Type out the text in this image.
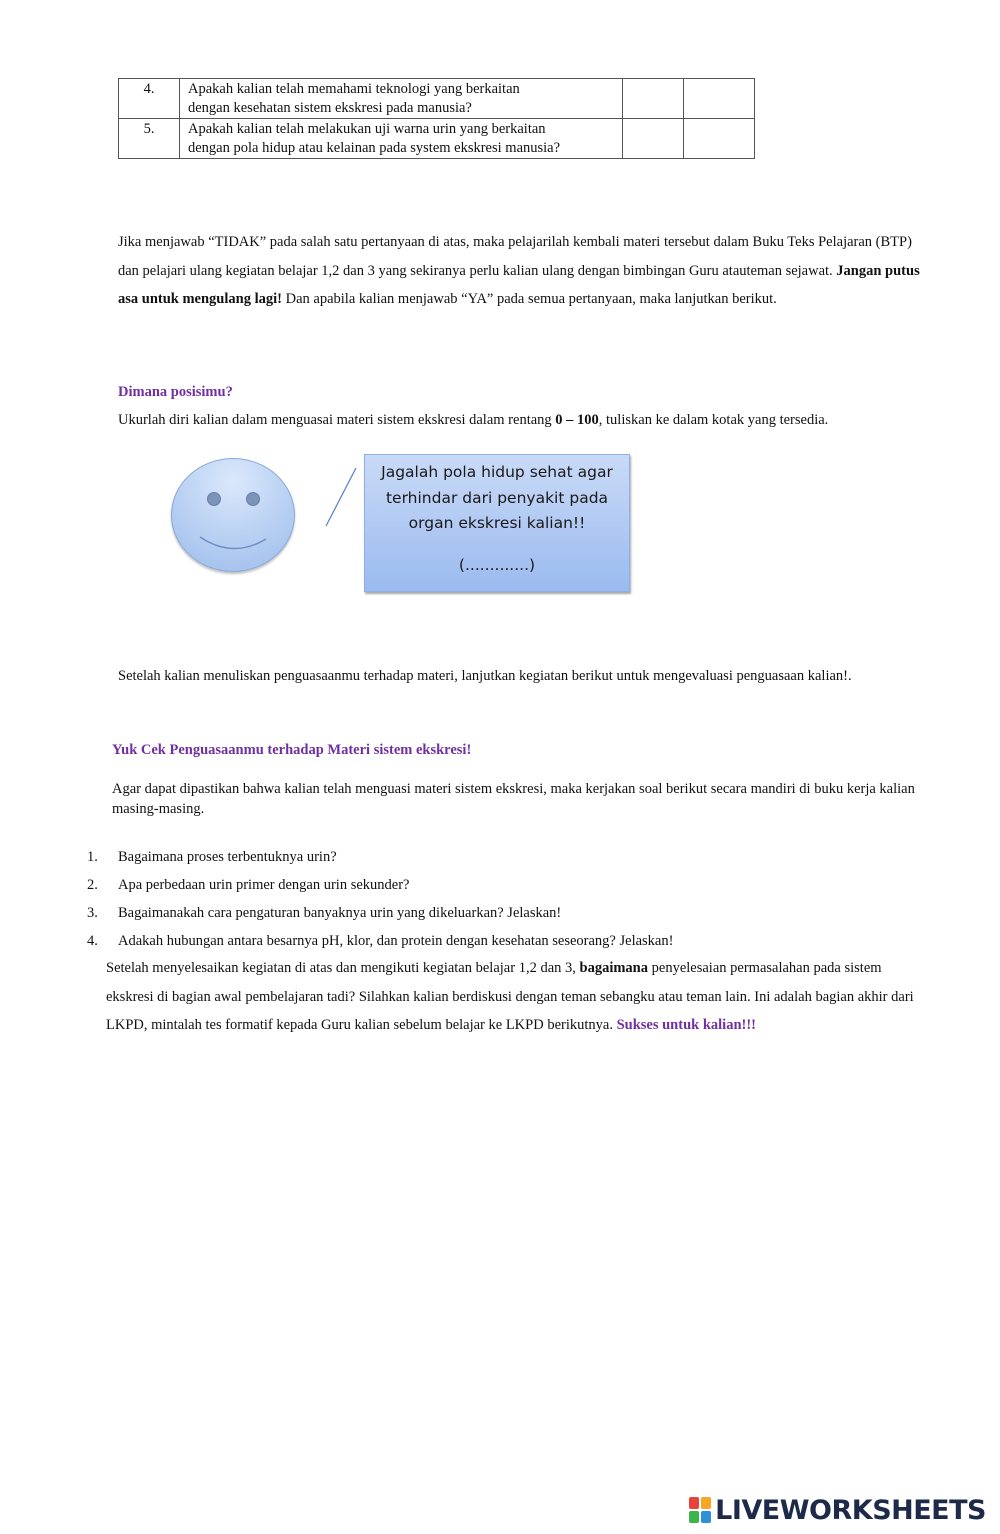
4.	Apakah kalian telah memahami teknologi yang berkaitan
dengan kesehatan sistem ekskresi pada manusia?		

5.	Apakah kalian telah melakukan uji warna urin yang berkaitan
dengan pola hidup atau kelainan pada system ekskresi manusia?		

Jika menjawab “TIDAK” pada salah satu pertanyaan di atas, maka pelajarilah kembali materi tersebut dalam Buku Teks Pelajaran (BTP) dan pelajari ulang kegiatan belajar 1,2 dan 3 yang sekiranya perlu kalian ulang dengan bimbingan Guru atauteman sejawat. Jangan putus asa untuk mengulang lagi! Dan apabila kalian menjawab “YA” pada semua pertanyaan, maka lanjutkan berikut.
Dimana posisimu?
Ukurlah diri kalian dalam menguasai materi sistem ekskresi dalam rentang 0 – 100, tuliskan ke dalam kotak yang tersedia.
Jagalah pola hidup sehat agar terhindar dari penyakit pada organ ekskresi kalian!!
(.............)
Setelah kalian menuliskan penguasaanmu terhadap materi, lanjutkan kegiatan berikut untuk mengevaluasi penguasaan kalian!.
Yuk Cek Penguasaanmu terhadap Materi sistem ekskresi!
Agar dapat dipastikan bahwa kalian telah menguasi materi sistem ekskresi, maka kerjakan soal berikut secara mandiri di buku kerja kalian masing-masing.
1. Bagaimana proses terbentuknya urin?
2. Apa perbedaan urin primer dengan urin sekunder?
3. Bagaimanakah cara pengaturan banyaknya urin yang dikeluarkan? Jelaskan!
4. Adakah hubungan antara besarnya pH, klor, dan protein dengan kesehatan seseorang? Jelaskan!
Setelah menyelesaikan kegiatan di atas dan mengikuti kegiatan belajar 1,2 dan 3, bagaimana penyelesaian permasalahan pada sistem ekskresi di bagian awal pembelajaran tadi? Silahkan kalian berdiskusi dengan teman sebangku atau teman lain. Ini adalah bagian akhir dari LKPD, mintalah tes formatif kepada Guru kalian sebelum belajar ke LKPD berikutnya. Sukses untuk kalian!!!
LIVEWORKSHEETS
